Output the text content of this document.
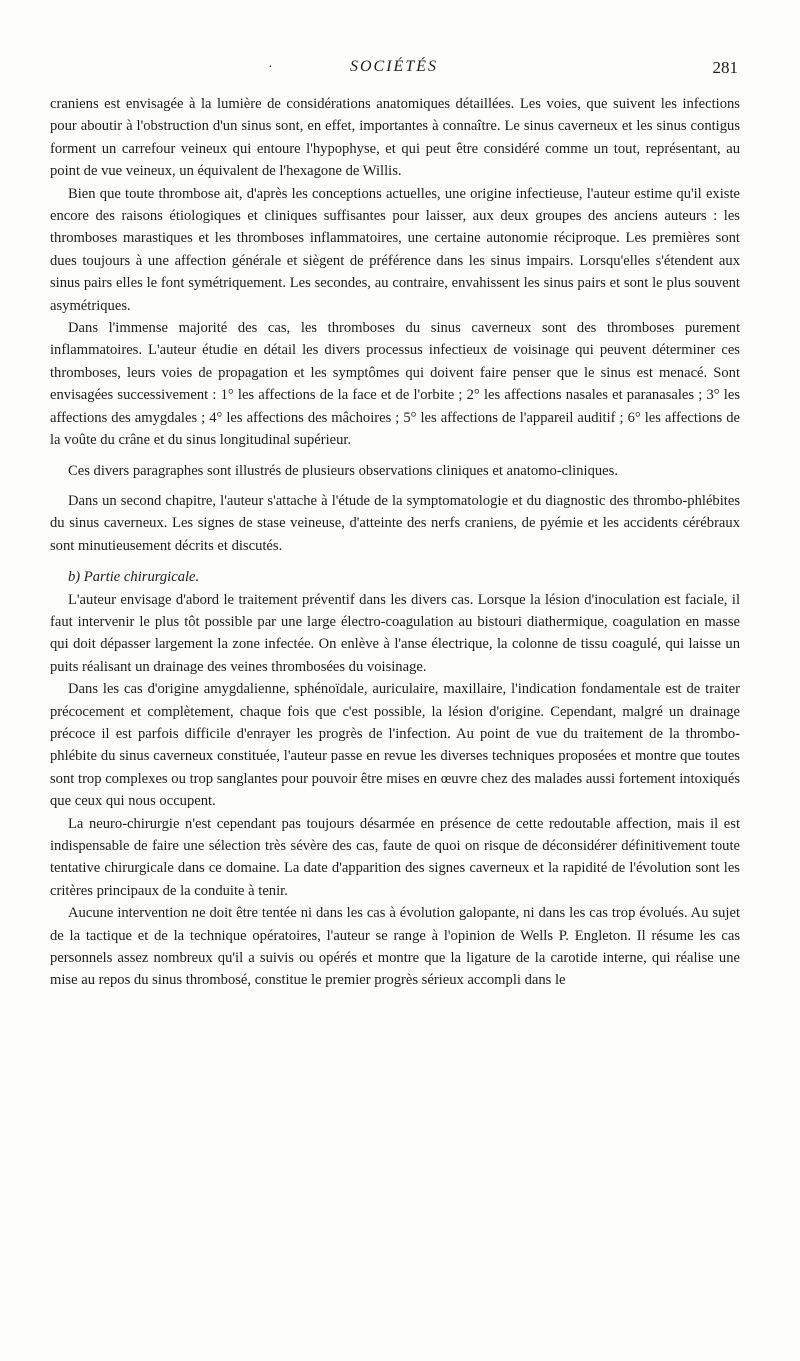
·	SOCIÉTÉS	281

craniens est envisagée à la lumière de considérations anatomiques détaillées. Les voies, que suivent les infections pour aboutir à l'obstruction d'un sinus sont, en effet, importantes à connaître. Le sinus caverneux et les sinus contigus forment un carrefour veineux qui entoure l'hypophyse, et qui peut être considéré comme un tout, représentant, au point de vue veineux, un équivalent de l'hexagone de Willis.

Bien que toute thrombose ait, d'après les conceptions actuelles, une origine infectieuse, l'auteur estime qu'il existe encore des raisons étiologiques et cliniques suffisantes pour laisser, aux deux groupes des anciens auteurs : les thromboses marastiques et les thromboses inflammatoires, une certaine autonomie réciproque. Les premières sont dues toujours à une affection générale et siègent de préférence dans les sinus impairs. Lorsqu'elles s'étendent aux sinus pairs elles le font symétriquement. Les secondes, au contraire, envahissent les sinus pairs et sont le plus souvent asymétriques.

Dans l'immense majorité des cas, les thromboses du sinus caverneux sont des thromboses purement inflammatoires. L'auteur étudie en détail les divers processus infectieux de voisinage qui peuvent déterminer ces thromboses, leurs voies de propagation et les symptômes qui doivent faire penser que le sinus est menacé. Sont envisagées successivement : 1° les affections de la face et de l'orbite ; 2° les affections nasales et paranasales ; 3° les affections des amygdales ; 4° les affections des mâchoires ; 5° les affections de l'appareil auditif ; 6° les affections de la voûte du crâne et du sinus longitudinal supérieur.

Ces divers paragraphes sont illustrés de plusieurs observations cliniques et anatomo-cliniques.

Dans un second chapitre, l'auteur s'attache à l'étude de la symptomatologie et du diagnostic des thrombo-phlébites du sinus caverneux. Les signes de stase veineuse, d'atteinte des nerfs craniens, de pyémie et les accidents cérébraux sont minutieusement décrits et discutés.

b) Partie chirurgicale.

L'auteur envisage d'abord le traitement préventif dans les divers cas. Lorsque la lésion d'inoculation est faciale, il faut intervenir le plus tôt possible par une large électro-coagulation au bistouri diathermique, coagulation en masse qui doit dépasser largement la zone infectée. On enlève à l'anse électrique, la colonne de tissu coagulé, qui laisse un puits réalisant un drainage des veines thrombosées du voisinage.

Dans les cas d'origine amygdalienne, sphénoïdale, auriculaire, maxillaire, l'indication fondamentale est de traiter précocement et complètement, chaque fois que c'est possible, la lésion d'origine. Cependant, malgré un drainage précoce il est parfois difficile d'enrayer les progrès de l'infection. Au point de vue du traitement de la thrombo-phlébite du sinus caverneux constituée, l'auteur passe en revue les diverses techniques proposées et montre que toutes sont trop complexes ou trop sanglantes pour pouvoir être mises en œuvre chez des malades aussi fortement intoxiqués que ceux qui nous occupent.

La neuro-chirurgie n'est cependant pas toujours désarmée en présence de cette redoutable affection, mais il est indispensable de faire une sélection très sévère des cas, faute de quoi on risque de déconsidérer définitivement toute tentative chirurgicale dans ce domaine. La date d'apparition des signes caverneux et la rapidité de l'évolution sont les critères principaux de la conduite à tenir.

Aucune intervention ne doit être tentée ni dans les cas à évolution galopante, ni dans les cas trop évolués. Au sujet de la tactique et de la technique opératoires, l'auteur se range à l'opinion de Wells P. Engleton. Il résume les cas personnels assez nombreux qu'il a suivis ou opérés et montre que la ligature de la carotide interne, qui réalise une mise au repos du sinus thrombosé, constitue le premier progrès sérieux accompli dans le
